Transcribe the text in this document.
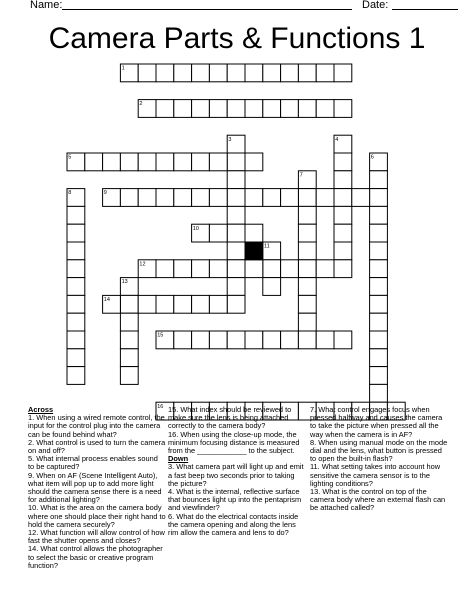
Name:	Date:
Camera Parts & Functions 1
1
2
3	4
5	6
7
8	9
10
11
12
13
14
15
16
Across
1. When using a wired remote control, the input for the control plug into the camera can be found behind what?
2. What control is used to turn the camera on and off?
5. What internal process enables sound to be captured?
9. When on AF (Scene Intelligent Auto), what item will pop up to add more light should the camera sense there is a need for additional lighting?
10. What is the area on the camera body where one should place their right hand to hold the camera securely?
12. What function will allow control of how fast the shutter opens and closes?
14. What control allows the photographer to select the basic or creative program function?
15. What index should be reviewed to make sure the lens is being attached correctly to the camera body?
16. When using the close-up mode, the minimum focusing distance is measured from the ____________ to the subject.
Down
3. What camera part will light up and emit a fast beep two seconds prior to taking the picture?
4. What is the internal, reflective surface that bounces light up into the pentaprism and viewfinder?
6. What do the electrical contacts inside the camera opening and along the lens rim allow the camera and lens to do?
7. What control engages focus when pressed halfway and causes the camera to take the picture when pressed all the way when the camera is in AF?
8. When using manual mode on the mode dial and the lens, what button is pressed to open the built-in flash?
11. What setting takes into account how sensitive the camera sensor is to the lighting conditions?
13. What is the control on top of the camera body where an external flash can be attached called?
